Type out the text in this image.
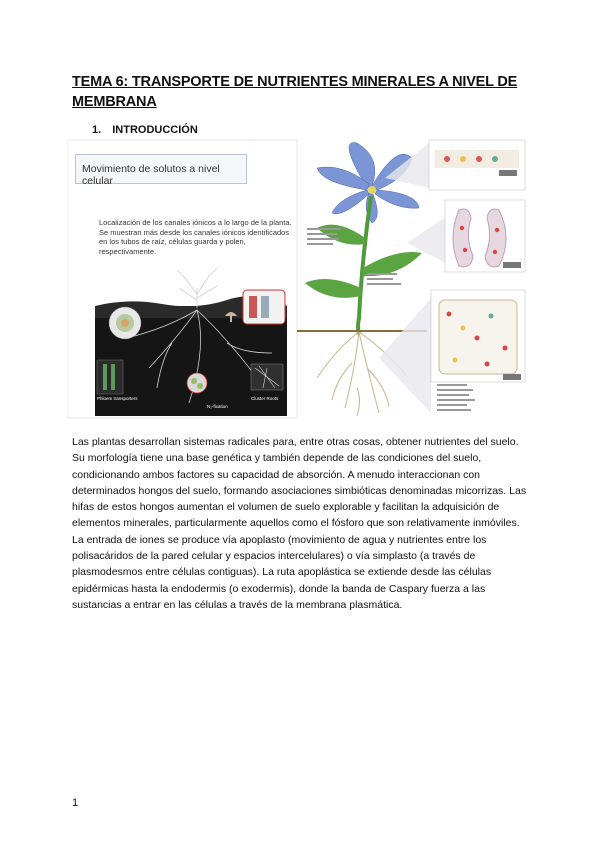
TEMA 6: TRANSPORTE DE NUTRIENTES MINERALES A NIVEL DE MEMBRANA
1. INTRODUCCIÓN
Root Anatomy
Mycorrhiza
Phloem transporters
N₂-fixation
Cluster Roots
Movimiento de solutos a nivel celular
Localización de los canales iónicos a lo largo de la planta. Se muestran más desde los canales iónicos identificados en los tubos de raíz, células guarda y polen, respectivamente.
Las plantas desarrollan sistemas radicales para, entre otras cosas, obtener nutrientes del suelo. Su morfología tiene una base genética y también depende de las condiciones del suelo, condicionando ambos factores su capacidad de absorción. A menudo interaccionan con determinados hongos del suelo, formando asociaciones simbióticas denominadas micorrizas. Las hifas de estos hongos aumentan el volumen de suelo explorable y facilitan la adquisición de elementos minerales, particularmente aquellos como el fósforo que son relativamente inmóviles. La entrada de iones se produce vía apoplasto (movimiento de agua y nutrientes entre los polisacáridos de la pared celular y espacios intercelulares) o vía simplasto (a través de plasmodesmos entre células contiguas). La ruta apoplástica se extiende desde las células epidérmicas hasta la endodermis (o exodermis), donde la banda de Caspary fuerza a las sustancias a entrar en las células a través de la membrana plasmática.
1
